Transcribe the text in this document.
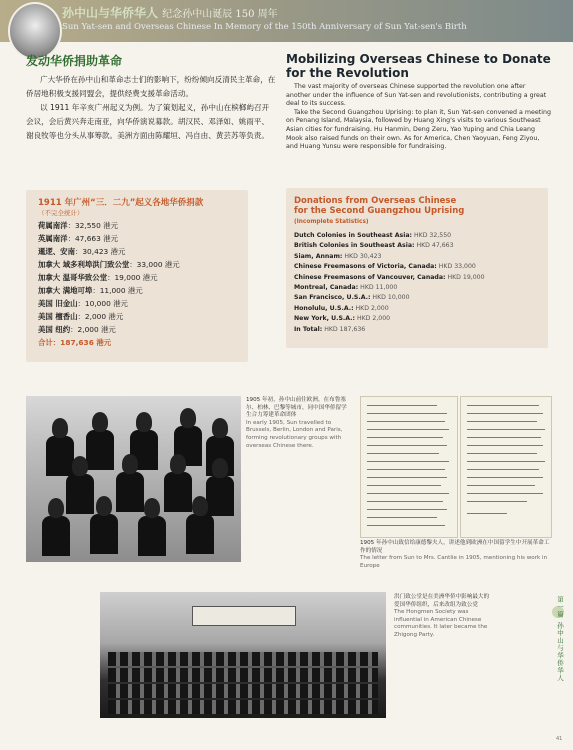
孙中山与华侨华人 纪念孙中山诞辰 150 周年
Sun Yat-sen and Overseas Chinese In Memory of the 150th Anniversary of Sun Yat-sen's Birth
发动华侨捐助革命

广大华侨在孙中山和革命志士们的影响下，纷纷倾向反清民主革命，在侨居地积极支援同盟会，提供经费支援革命活动。

以 1911 年辛亥广州起义为例。为了策划起义，孙中山在槟榔屿召开会议，会后黄兴奔走南亚，向华侨演说募款。胡汉民、邓泽如、姚雨平、谢良牧等也分头从事筹款。美洲方面由陈耀垣、冯自由、黄芸苏等负责。

Mobilizing Overseas Chinese to Donate for the Revolution

The vast majority of overseas Chinese supported the revolution one after another under the influence of Sun Yat-sen and revolutionists, contributing a great deal to its success.

Take the Second Guangzhou Uprising: to plan it, Sun Yat-sen convened a meeting on Penang Island, Malaysia, followed by Huang Xing's visits to various Southeast Asian cities for fundraising. Hu Hanmin, Deng Zeru, Yao Yuping and Chia Leang Mook also raised funds on their own. As for America, Chen Yaoyuan, Feng Ziyou, and Huang Yunsu were responsible for fundraising.

1911 年广州“三．二九”起义各地华侨捐款
（不完全统计）
荷属南洋：32,550 港元
英属南洋：47,663 港元
暹逻、安南：30,423 港元
加拿大 域多利埠洪门致公堂：33,000 港元
加拿大 温哥华致公堂：19,000 港元
加拿大 满地可埠：11,000 港元
美国 旧金山：10,000 港元
美国 檀香山：2,000 港元
美国 纽约：2,000 港元
合计：187,636 港元
Donations from Overseas Chinese
for the Second Guangzhou Uprising
(Incomplete Statistics)
Dutch Colonies in Southeast Asia: HKD 32,550
British Colonies in Southeast Asia: HKD 47,663
Siam, Annam: HKD 30,423
Chinese Freemasons of Victoria, Canada: HKD 33,000
Chinese Freemasons of Vancouver, Canada: HKD 19,000
Montreal, Canada: HKD 11,000
San Francisco, U.S.A.: HKD 10,000
Honolulu, U.S.A.: HKD 2,000
New York, U.S.A.: HKD 2,000
In Total: HKD 187,636
1905 年初，孙中山前往欧洲，在布鲁塞尔、柏林、巴黎等城市，同中国华侨留学生合力筹建革命团体
In early 1905, Sun travelled to Brussels, Berlin, London and Paris, forming revolutionary groups with overseas Chinese there.
1905 年孙中山致信给康德黎夫人，讲述他到欧洲在中国留学生中开展革命工作的情况
The letter from Sun to Mrs. Cantlie in 1905, mentioning his work in Europe
洪门致公堂是在美洲华侨中影响最大的爱国华侨组织，后来改组为致公党
The Hongmen Society was influential in American Chinese communities. It later became the Zhigong Party.	第一篇 孙中山与华侨华人
41
